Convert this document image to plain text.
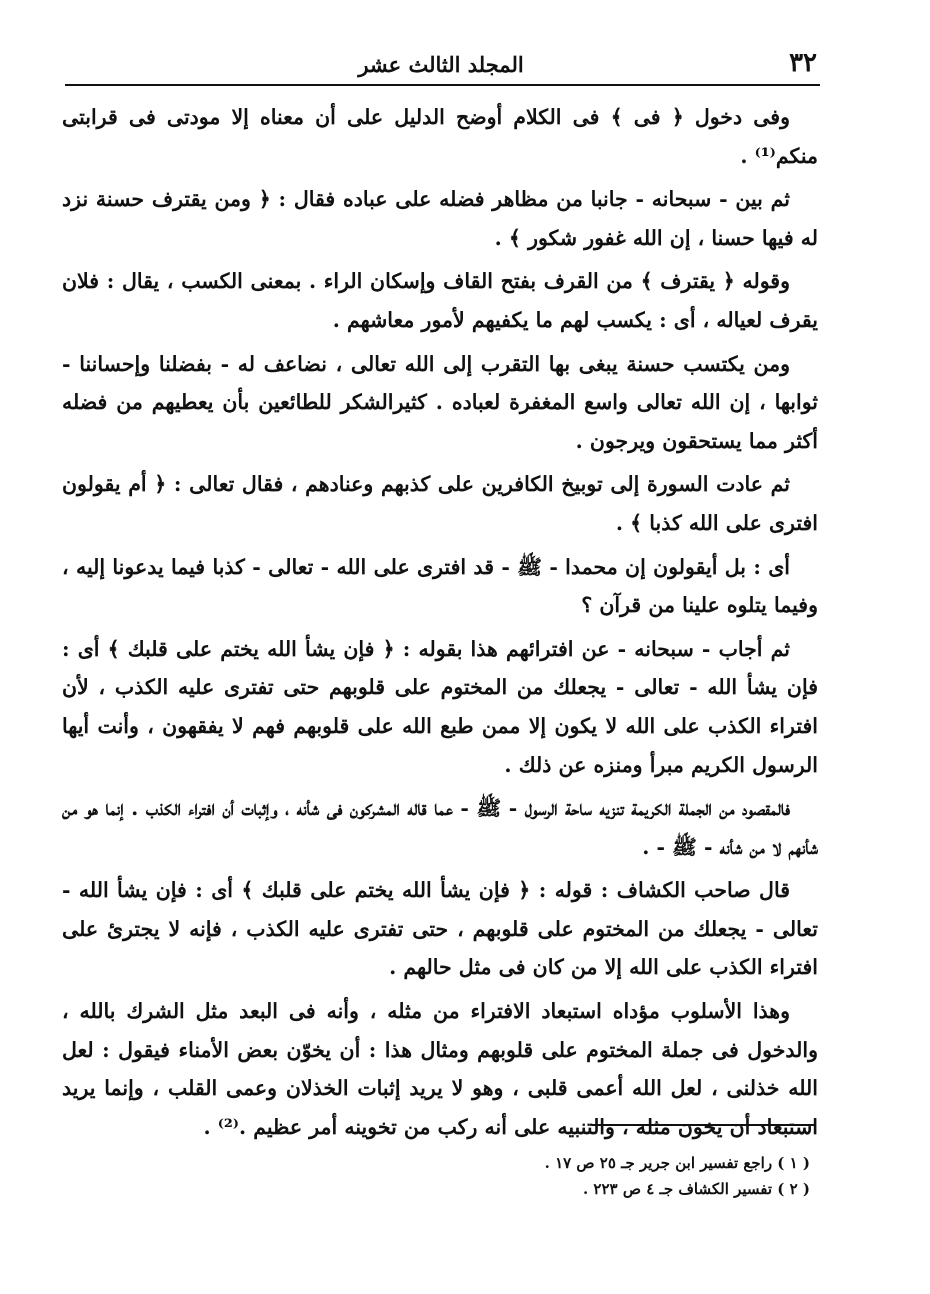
٣٢
المجلد الثالث عشر

وفى دخول ﴿ فى ﴾ فى الكلام أوضح الدليل على أن معناه إلا مودتى فى قرابتى منكم⁽¹⁾ .

ثم بين - سبحانه - جانبا من مظاهر فضله على عباده فقال : ﴿ ومن يقترف حسنة نزد له فيها حسنا ، إن الله غفور شكور ﴾ .

وقوله ﴿ يقترف ﴾ من القرف بفتح القاف وإسكان الراء . بمعنى الكسب ، يقال : فلان يقرف لعياله ، أى : يكسب لهم ما يكفيهم لأمور معاشهم .

ومن يكتسب حسنة يبغى بها التقرب إلى الله تعالى ، نضاعف له - بفضلنا وإحساننا - ثوابها ، إن الله تعالى واسع المغفرة لعباده . كثيرالشكر للطائعين بأن يعطيهم من فضله أكثر مما يستحقون ويرجون .

ثم عادت السورة إلى توبيخ الكافرين على كذبهم وعنادهم ، فقال تعالى : ﴿ أم يقولون افترى على الله كذبا ﴾ .

أى : بل أيقولون إن محمدا - ﷺ - قد افترى على الله - تعالى - كذبا فيما يدعونا إليه ، وفيما يتلوه علينا من قرآن ؟

ثم أجاب - سبحانه - عن افترائهم هذا بقوله : ﴿ فإن يشأ الله يختم على قلبك ﴾ أى : فإن يشأ الله - تعالى - يجعلك من المختوم على قلوبهم حتى تفترى عليه الكذب ، لأن افتراء الكذب على الله لا يكون إلا ممن طبع الله على قلوبهم فهم لا يفقهون ، وأنت أيها الرسول الكريم مبرأ ومنزه عن ذلك .

فالمقصود من الجملة الكريمة تنزيه ساحة الرسول - ﷺ - عما قاله المشركون فى شأنه ، وإثبات أن افتراء الكذب . إنما هو من شأنهم لا من شأنه - ﷺ - .

قال صاحب الكشاف : قوله : ﴿ فإن يشأ الله يختم على قلبك ﴾ أى : فإن يشأ الله - تعالى - يجعلك من المختوم على قلوبهم ، حتى تفترى عليه الكذب ، فإنه لا يجترئ على افتراء الكذب على الله إلا من كان فى مثل حالهم .

وهذا الأسلوب مؤداه استبعاد الافتراء من مثله ، وأنه فى البعد مثل الشرك بالله ، والدخول فى جملة المختوم على قلوبهم ومثال هذا : أن يخوّن بعض الأمناء فيقول : لعل الله خذلنى ، لعل الله أعمى قلبى ، وهو لا يريد إثبات الخذلان وعمى القلب ، وإنما يريد استبعاد أن يخون مثله ، والتنبيه على أنه ركب من تخوينه أمر عظيم .⁽²⁾ .

( ١ ) راجع تفسير ابن جرير جـ ٢٥ ص ١٧ .

( ٢ ) تفسير الكشاف جـ ٤ ص ٢٢٣ .
